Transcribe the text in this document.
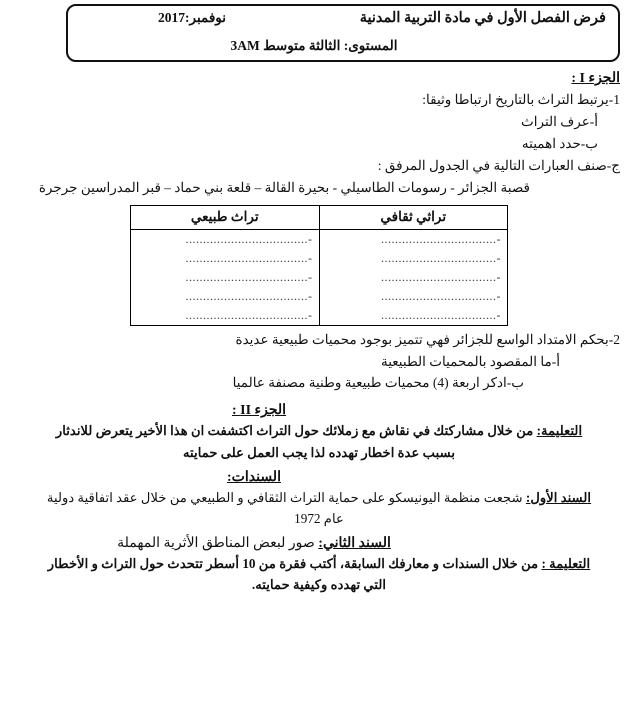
فرض الفصل الأول في مادة التربية المدنية
نوفمبر:2017
المستوى: الثالثة متوسط 3AM
الجزء I :
1-يرتبط التراث بالتاريخ ارتباطا وثيقا:
أ-عرف التراث
ب-حدد اهميته
ج-صنف العبارات التالية في الجدول المرفق :
قصبة الجزائر - رسومات الطاسيلي - بحيرة القالة – قلعة بني حماد – قبر المدراسين جرجرة
تراثي ثقافي	تراث طبيعي
-.................................	-...................................
-.................................	-...................................
-.................................	-...................................
-.................................	-...................................
-.................................	-...................................
2-بحكم الامتداد الواسع للجزائر فهي تتميز بوجود محميات طبيعية عديدة
أ-ما المقصود بالمحميات الطبيعية
ب-ادكر اربعة (4) محميات طبيعية وطنية مصنفة عالميا
الجزء II :
التعليمة: من خلال مشاركتك في نقاش مع زملائك حول التراث اكتشفت ان هذا الأخير يتعرض للاندثار
بسبب عدة اخطار تهدده لذا يجب العمل على حمايته
السندات:
السند الأول: شجعت منظمة اليونيسكو على حماية التراث الثقافي و الطبيعي من خلال عقد اتفاقية دولية
عام 1972
السند الثاني: صور لبعض المناطق الأثرية المهملة
التعليمة : من خلال السندات و معارفك السابقة، أكتب فقرة من 10 أسطر تتحدث حول التراث و الأخطار
التي تهدده وكيفية حمايته.
